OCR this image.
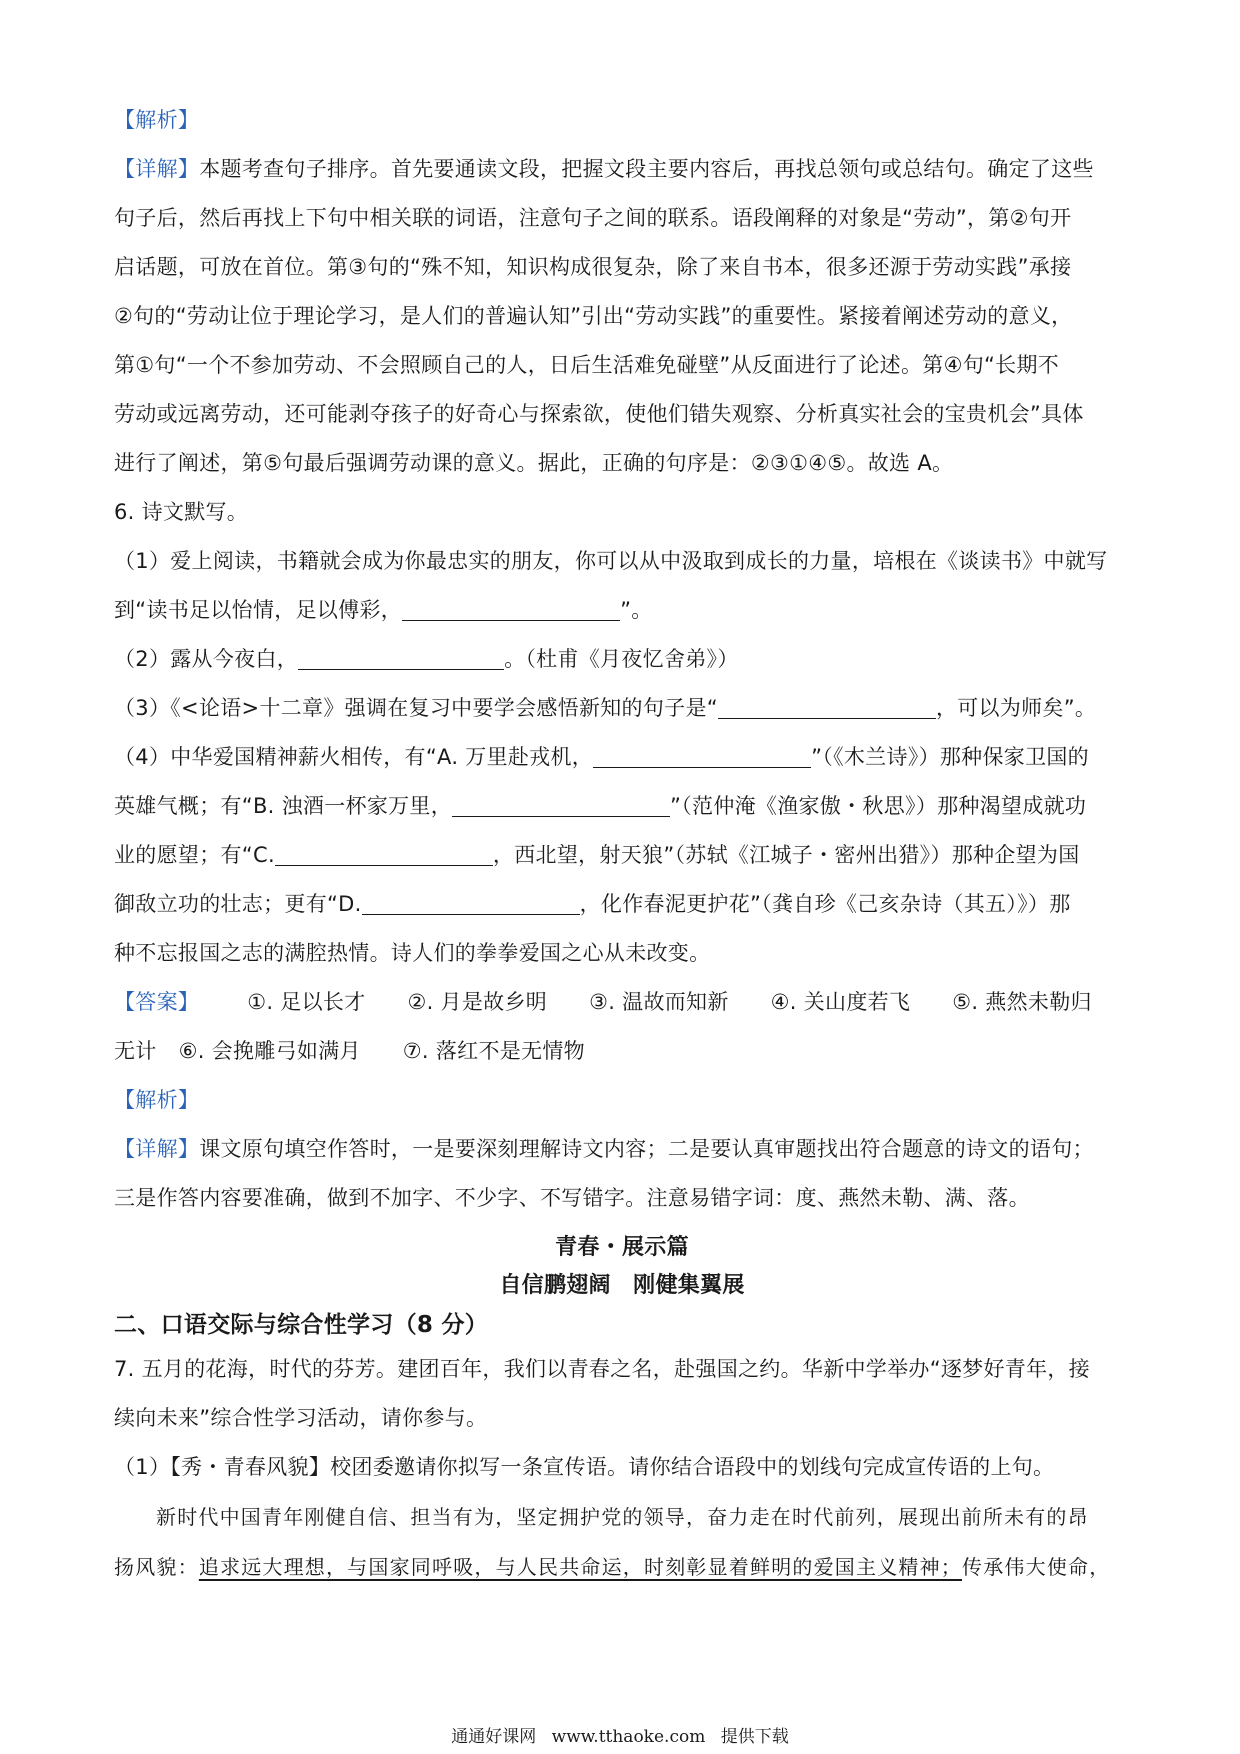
【解析】
【详解】本题考查句子排序。首先要通读文段，把握文段主要内容后，再找总领句或总结句。确定了这些
句子后，然后再找上下句中相关联的词语，注意句子之间的联系。语段阐释的对象是“劳动”，第②句开
启话题，可放在首位。第③句的“殊不知，知识构成很复杂，除了来自书本，很多还源于劳动实践”承接
②句的“劳动让位于理论学习，是人们的普遍认知”引出“劳动实践”的重要性。紧接着阐述劳动的意义，
第①句“一个不参加劳动、不会照顾自己的人，日后生活难免碰壁”从反面进行了论述。第④句“长期不
劳动或远离劳动，还可能剥夺孩子的好奇心与探索欲，使他们错失观察、分析真实社会的宝贵机会”具体
进行了阐述，第⑤句最后强调劳动课的意义。据此，正确的句序是：②③①④⑤。故选 A。
6. 诗文默写。
（1）爱上阅读，书籍就会成为你最忠实的朋友，你可以从中汲取到成长的力量，培根在《谈读书》中就写
到“读书足以怡情，足以傅彩，	”。
（2）露从今夜白，	。（杜甫《月夜忆舍弟》）
（3）《<论语>十二章》强调在复习中要学会感悟新知的句子是“	，可以为师矣”。
（4）中华爱国精神薪火相传，有“A. 万里赴戎机，	”（《木兰诗》）那种保家卫国的
英雄气概；有“B. 浊酒一杯家万里，	”（范仲淹《渔家傲・秋思》）那种渴望成就功
业的愿望；有“C.	，西北望，射天狼”（苏轼《江城子・密州出猎》）那种企望为国
御敌立功的壮志；更有“D.	，化作春泥更护花”（龚自珍《己亥杂诗（其五）》）那
种不忘报国之志的满腔热情。诗人们的拳拳爱国之心从未改变。
【答案】 ①. 足以长才 ②. 月是故乡明 ③. 温故而知新 ④. 关山度若飞 ⑤. 燕然未勒归
无计 ⑥. 会挽雕弓如满月 ⑦. 落红不是无情物
【解析】
【详解】课文原句填空作答时，一是要深刻理解诗文内容；二是要认真审题找出符合题意的诗文的语句；
三是作答内容要准确，做到不加字、不少字、不写错字。注意易错字词：度、燕然未勒、满、落。
青春・展示篇
自信鹏翅阔　刚健集翼展
二、口语交际与综合性学习（8 分）
7. 五月的花海，时代的芬芳。建团百年，我们以青春之名，赴强国之约。华新中学举办“逐梦好青年，接
续向未来”综合性学习活动，请你参与。
（1）【秀・青春风貌】校团委邀请你拟写一条宣传语。请你结合语段中的划线句完成宣传语的上句。
新时代中国青年刚健自信、担当有为，坚定拥护党的领导，奋力走在时代前列，展现出前所未有的昂
扬风貌：追求远大理想，与国家同呼吸，与人民共命运，时刻彰显着鲜明的爱国主义精神；传承伟大使命，
通通好课网 www.tthaoke.com 提供下载
